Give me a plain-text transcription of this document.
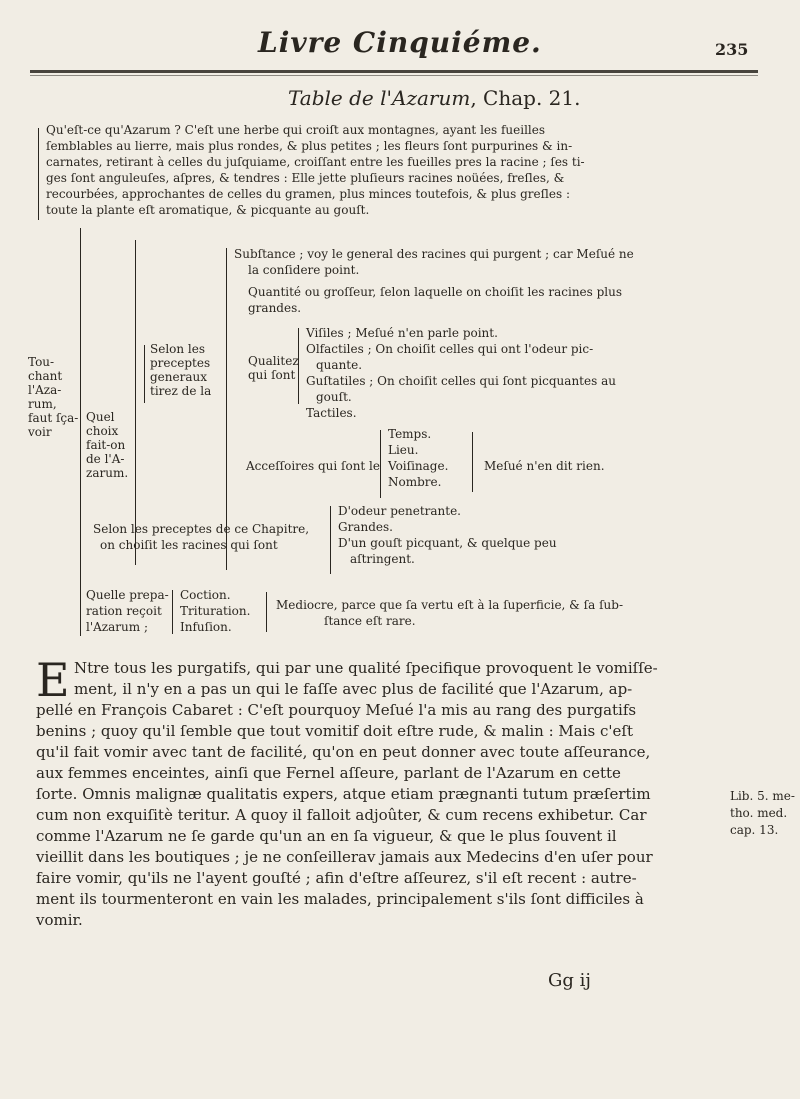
Livre Cinquiéme.	235
Table de l'Azarum, Chap. 21.
Qu'eſt-ce qu'Azarum ? C'eſt une herbe qui croiſt aux montagnes, ayant les fueilles
ſemblables au lierre, mais plus rondes, & plus petites ; les fleurs ſont purpurines & in-
carnates, retirant à celles du juſquiame, croiſſant entre les fueilles pres la racine ; ſes ti-
ges ſont anguleuſes, aſpres, & tendres : Elle jette pluſieurs racines noüées, freſles, &
recourbées, approchantes de celles du gramen, plus minces toutefois, & plus greſles :
toute la plante eſt aromatique, & picquante au gouſt.
Tou-
chant
l'Aza-
rum,
faut ſça-
voir
Quel
choix
fait-on
de l'A-
zarum.
Selon les
preceptes
generaux
tirez de la
Subſtance ; voy le general des racines qui purgent ; car Meſué ne
la conſidere point.
Quantité ou groſſeur, ſelon laquelle on choiſit les racines plus
grandes.
Qualitez
qui ſont
Viſiles ; Meſué n'en parle point.
Olfactiles ; On choiſit celles qui ont l'odeur pic-
quante.
Guſtatiles ; On choiſit celles qui ſont picquantes au
gouſt.
Tactiles.
Acceſſoires qui ſont le
Temps.
Lieu.
Voiſinage.
Nombre.
Meſué n'en dit rien.
Selon les preceptes de ce Chapitre,
on choiſit les racines qui ſont
D'odeur penetrante.
Grandes.
D'un gouſt picquant, & quelque peu
aſtringent.
Quelle prepa-
ration reçoit
l'Azarum ;
Coction.
Trituration.
Infuſion.
Mediocre, parce que ſa vertu eſt à la ſuperficie, & ſa ſub-
ſtance eſt rare.
E Ntre tous les purgatifs, qui par une qualité ſpecifique provoquent le vomiſſe-
ment, il n'y en a pas un qui le faſſe avec plus de facilité que l'Azarum, ap-
pellé en François Cabaret : C'eſt pourquoy Meſué l'a mis au rang des purgatifs
benins ; quoy qu'il ſemble que tout vomitif doit eſtre rude, & malin : Mais c'eſt
qu'il fait vomir avec tant de facilité, qu'on en peut donner avec toute aſſeurance,
aux femmes enceintes, ainſi que Fernel aſſeure, parlant de l'Azarum en cette
ſorte. Omnis malignæ qualitatis expers, atque etiam prægnanti tutum præſertim
cum non exquiſitè teritur. A quoy il falloit adjoûter, & cum recens exhibetur. Car
comme l'Azarum ne ſe garde qu'un an en ſa vigueur, & que le plus ſouvent il
vieillit dans les boutiques ; je ne conſeillerav jamais aux Medecins d'en uſer pour
faire vomir, qu'ils ne l'ayent gouſté ; afin d'eſtre aſſeurez, s'il eſt recent : autre-
ment ils tourmenteront en vain les malades, principalement s'ils ſont difficiles à
vomir.
Lib. 5. me-
tho. med.
cap. 13.
Gg ij
